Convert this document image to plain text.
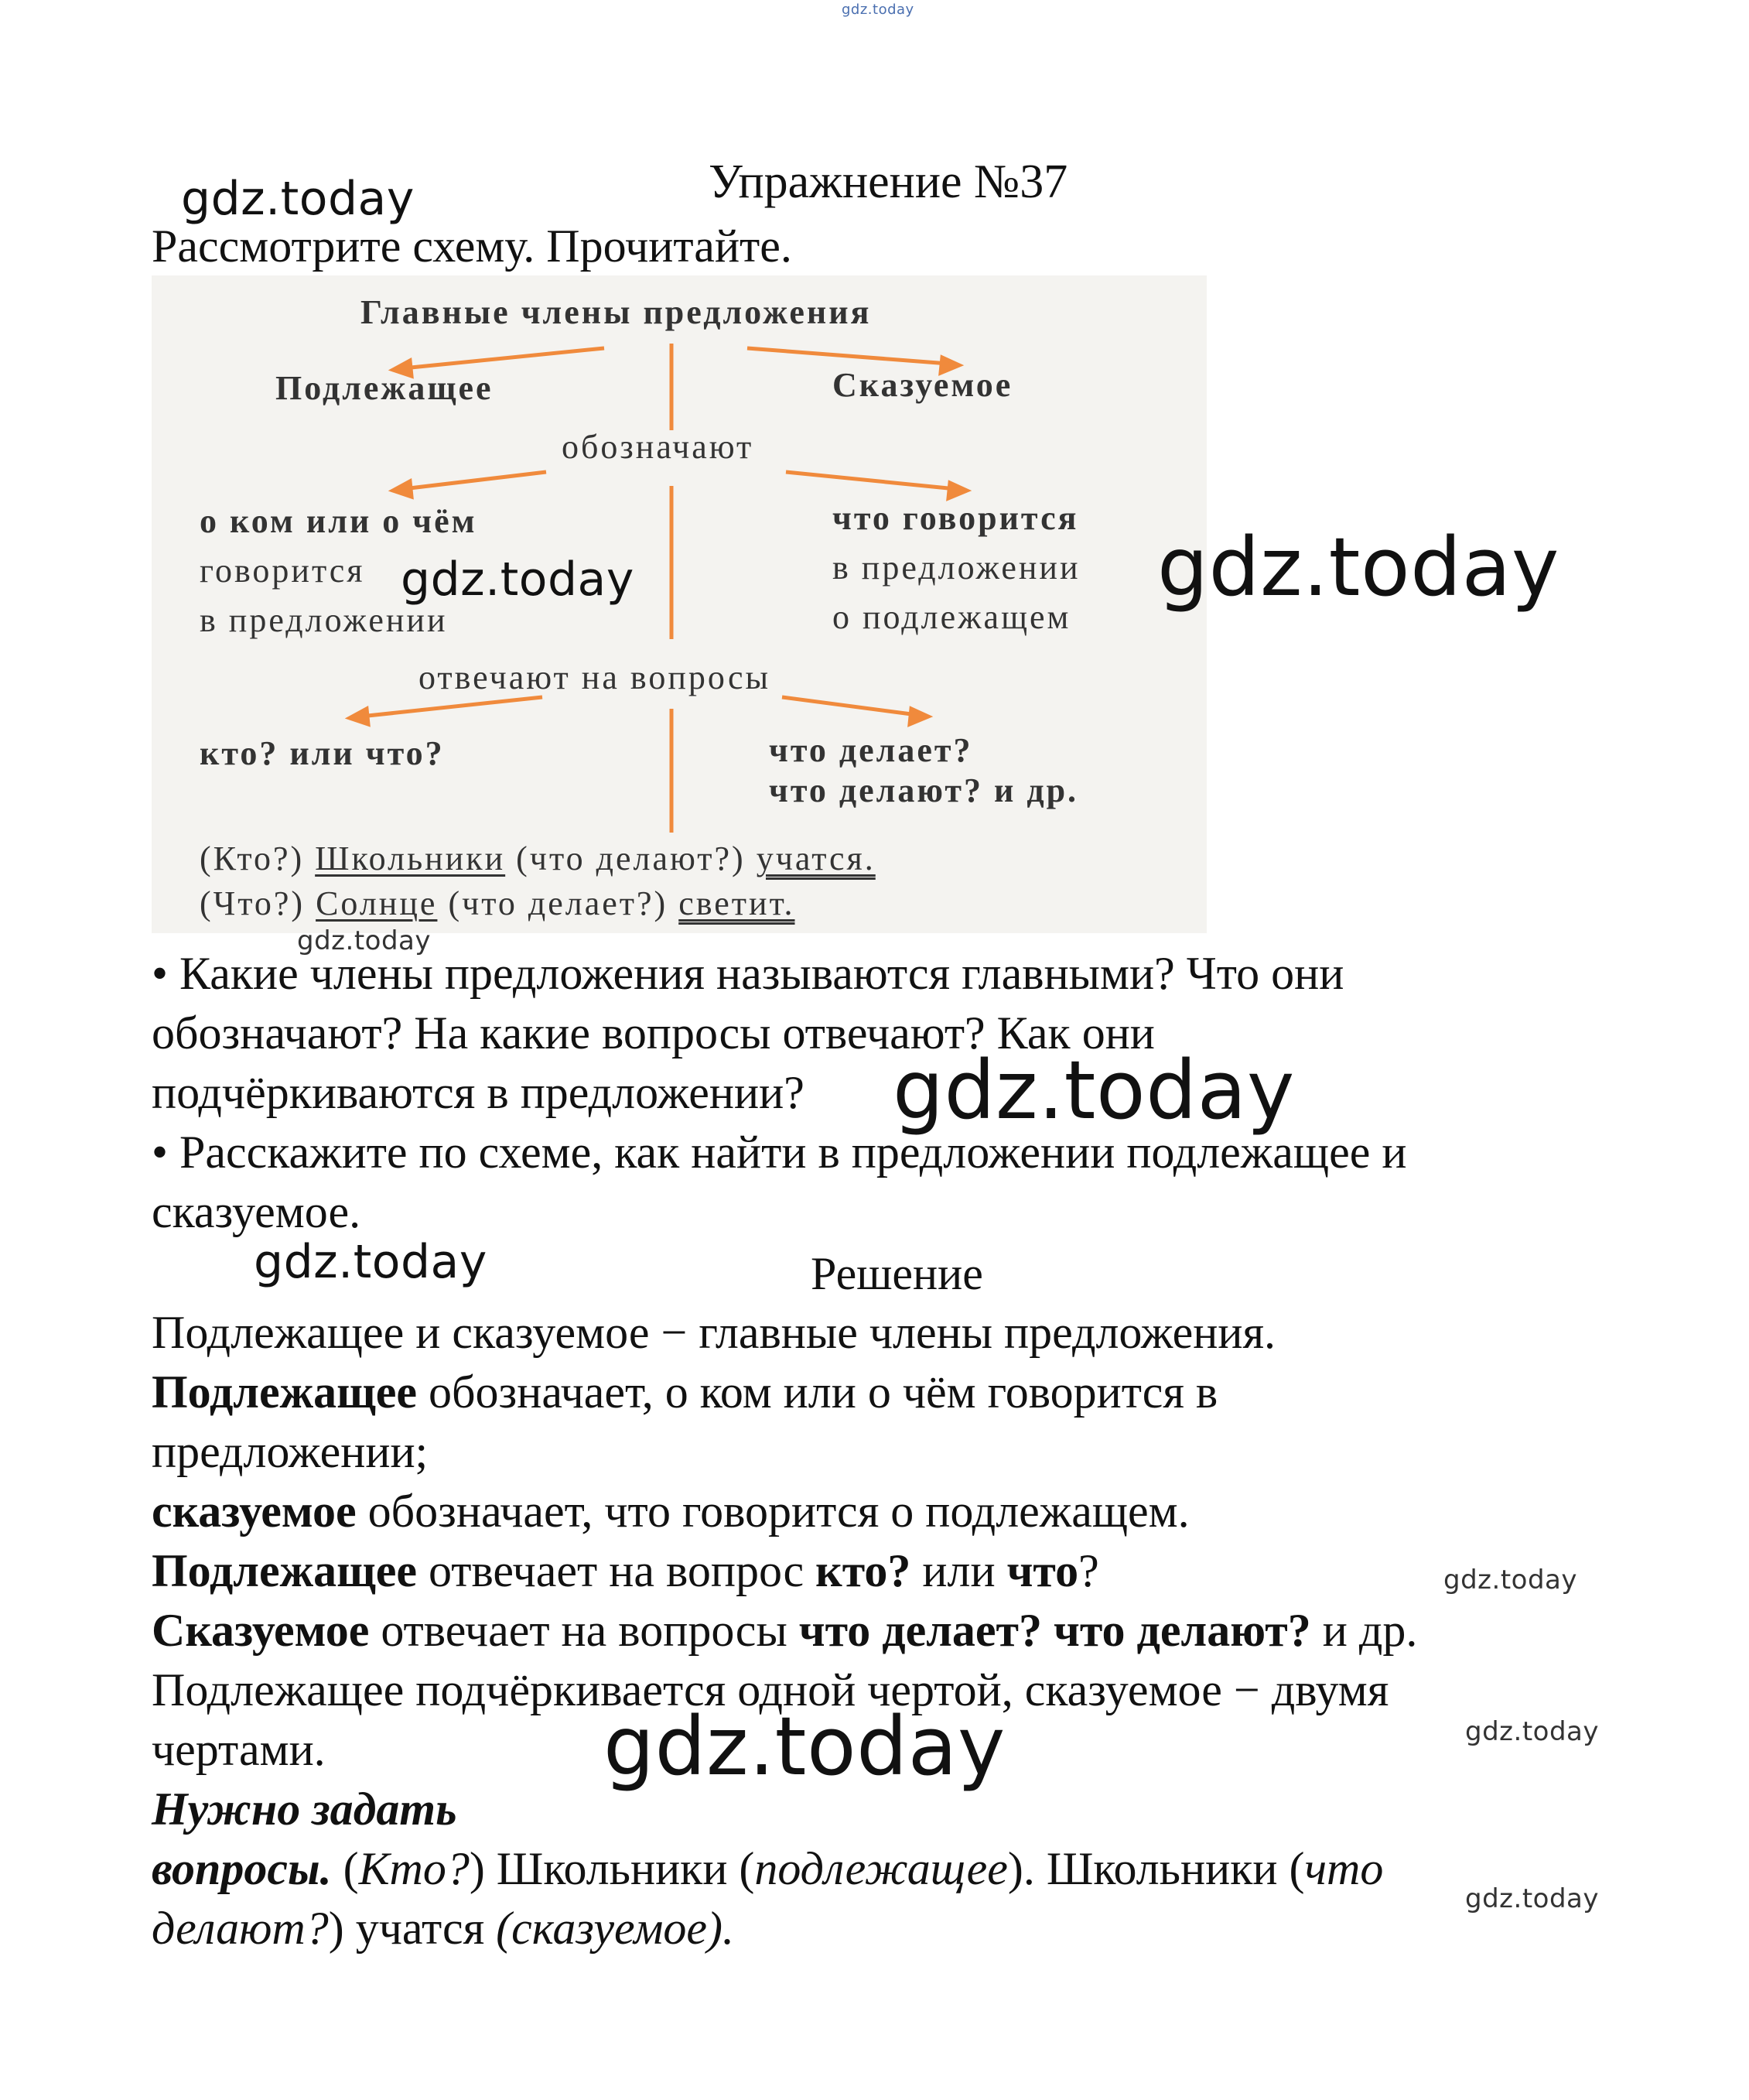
gdz.today
gdz.today	Упражнение №37
Рассмотрите схему. Прочитайте.
Главные члены предложения
Подлежащее	Сказуемое
обозначают
о ком или о чём
говорится
в предложении
что говорится
в предложении
о подлежащем
отвечают на вопросы
кто? или что?	что делает?
что делают? и др.
(Кто?) Школьники (что делают?) учатся.
(Что?) Солнце (что делает?) светит.
gdz.today	gdz.today
gdz.today
• Какие члены предложения называются главными? Что они
обозначают? На какие вопросы отвечают? Как они
подчёркиваются в предложении?
• Расскажите по схеме, как найти в предложении подлежащее и
сказуемое.
gdz.today
gdz.today	Решение
Подлежащее и сказуемое − главные члены предложения.
Подлежащее обозначает, о ком или о чём говорится в
предложении;
сказуемое обозначает, что говорится о подлежащем.
Подлежащее отвечает на вопрос кто? или что?
Сказуемое отвечает на вопросы что делает? что делают? и др.
Подлежащее подчёркивается одной чертой, сказуемое − двумя
чертами.
Нужно задать
вопросы. (Кто?) Школьники (подлежащее). Школьники (что
делают?) учатся (сказуемое).
gdz.today
gdz.today	gdz.today
gdz.today
